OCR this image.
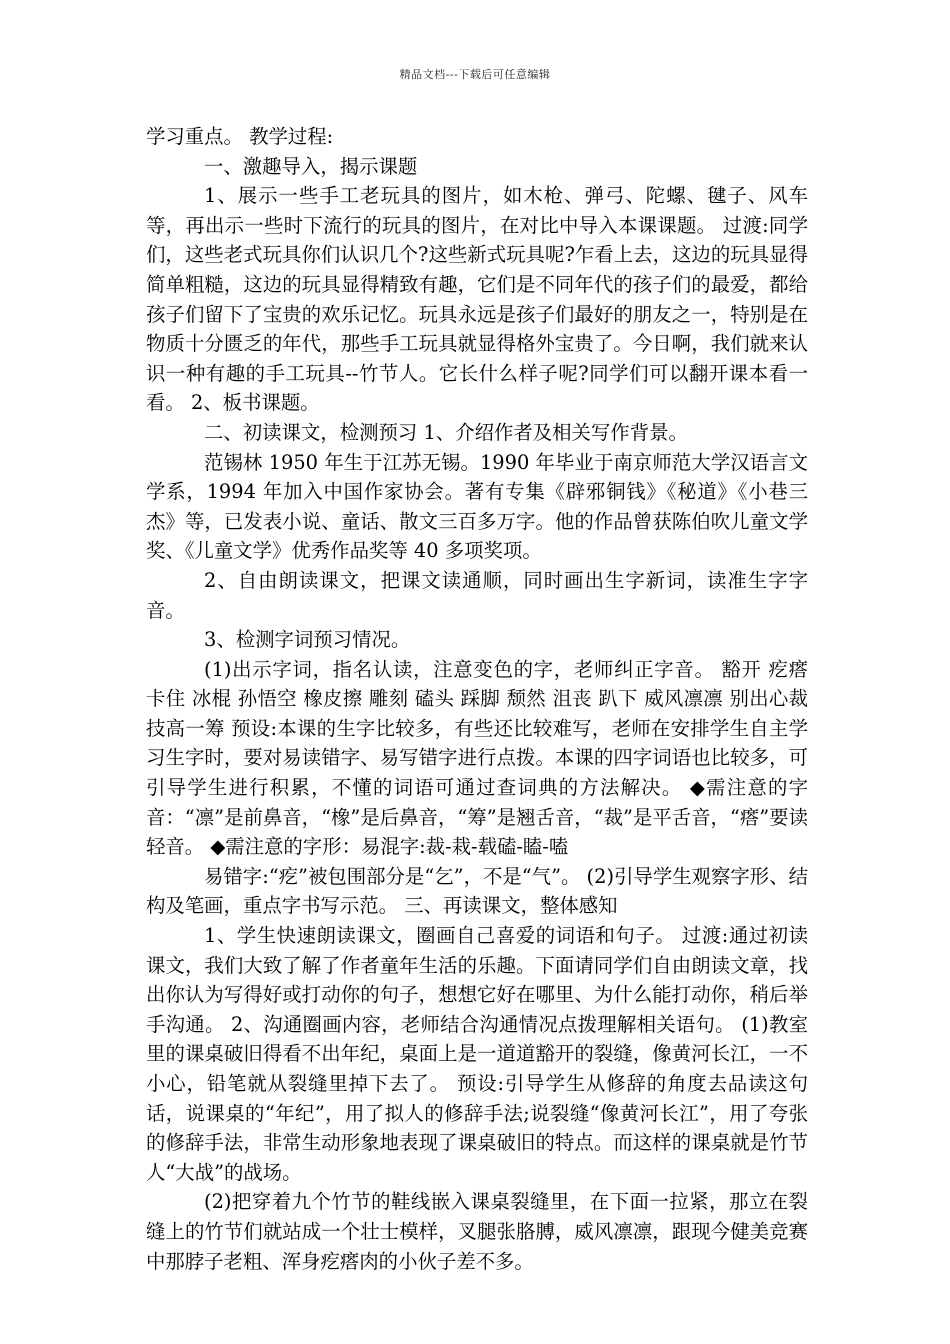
精品文档---下载后可任意编辑

学习重点。 教学过程:

一、激趣导入，揭示课题

1、展示一些手工老玩具的图片，如木枪、弹弓、陀螺、毽子、风车等，再出示一些时下流行的玩具的图片，在对比中导入本课课题。 过渡:同学们，这些老式玩具你们认识几个?这些新式玩具呢?乍看上去，这边的玩具显得简单粗糙，这边的玩具显得精致有趣，它们是不同年代的孩子们的最爱，都给孩子们留下了宝贵的欢乐记忆。玩具永远是孩子们最好的朋友之一，特别是在物质十分匮乏的年代，那些手工玩具就显得格外宝贵了。今日啊，我们就来认识一种有趣的手工玩具--竹节人。它长什么样子呢?同学们可以翻开课本看一看。 2、板书课题。

二、初读课文，检测预习 1、介绍作者及相关写作背景。

范锡林 1950 年生于江苏无锡。1990 年毕业于南京师范大学汉语言文学系，1994 年加入中国作家协会。著有专集《辟邪铜钱》《秘道》《小巷三杰》等，已发表小说、童话、散文三百多万字。他的作品曾获陈伯吹儿童文学奖、《儿童文学》优秀作品奖等 40 多项奖项。

2、自由朗读课文，把课文读通顺，同时画出生字新词，读准生字字音。

3、检测字词预习情况。

(1)出示字词，指名认读，注意变色的字，老师纠正字音。 豁开 疙瘩 卡住 冰棍 孙悟空 橡皮擦 雕刻 磕头 踩脚 颓然 沮丧 趴下 威风凛凛 别出心裁 技高一筹 预设:本课的生字比较多，有些还比较难写，老师在安排学生自主学习生字时，要对易读错字、易写错字进行点拨。本课的四字词语也比较多，可引导学生进行积累，不懂的词语可通过查词典的方法解决。 ◆需注意的字音：“凛”是前鼻音，“橡”是后鼻音，“筹”是翘舌音，“裁”是平舌音，“瘩”要读轻音。 ◆需注意的字形：易混字:裁-栽-载磕-瞌-嗑

易错字:“疙”被包围部分是“乞”，不是“气”。 (2)引导学生观察字形、结构及笔画，重点字书写示范。 三、再读课文，整体感知

1、学生快速朗读课文，圈画自己喜爱的词语和句子。 过渡:通过初读课文，我们大致了解了作者童年生活的乐趣。下面请同学们自由朗读文章，找出你认为写得好或打动你的句子，想想它好在哪里、为什么能打动你，稍后举手沟通。 2、沟通圈画内容，老师结合沟通情况点拨理解相关语句。 (1)教室里的课桌破旧得看不出年纪，桌面上是一道道豁开的裂缝，像黄河长江，一不小心，铅笔就从裂缝里掉下去了。 预设:引导学生从修辞的角度去品读这句话，说课桌的“年纪”，用了拟人的修辞手法;说裂缝“像黄河长江”，用了夸张的修辞手法，非常生动形象地表现了课桌破旧的特点。而这样的课桌就是竹节人“大战”的战场。

(2)把穿着九个竹节的鞋线嵌入课桌裂缝里，在下面一拉紧，那立在裂缝上的竹节们就站成一个壮士模样，叉腿张胳膊，威风凛凛，跟现今健美竞赛中那脖子老粗、浑身疙瘩肉的小伙子差不多。
